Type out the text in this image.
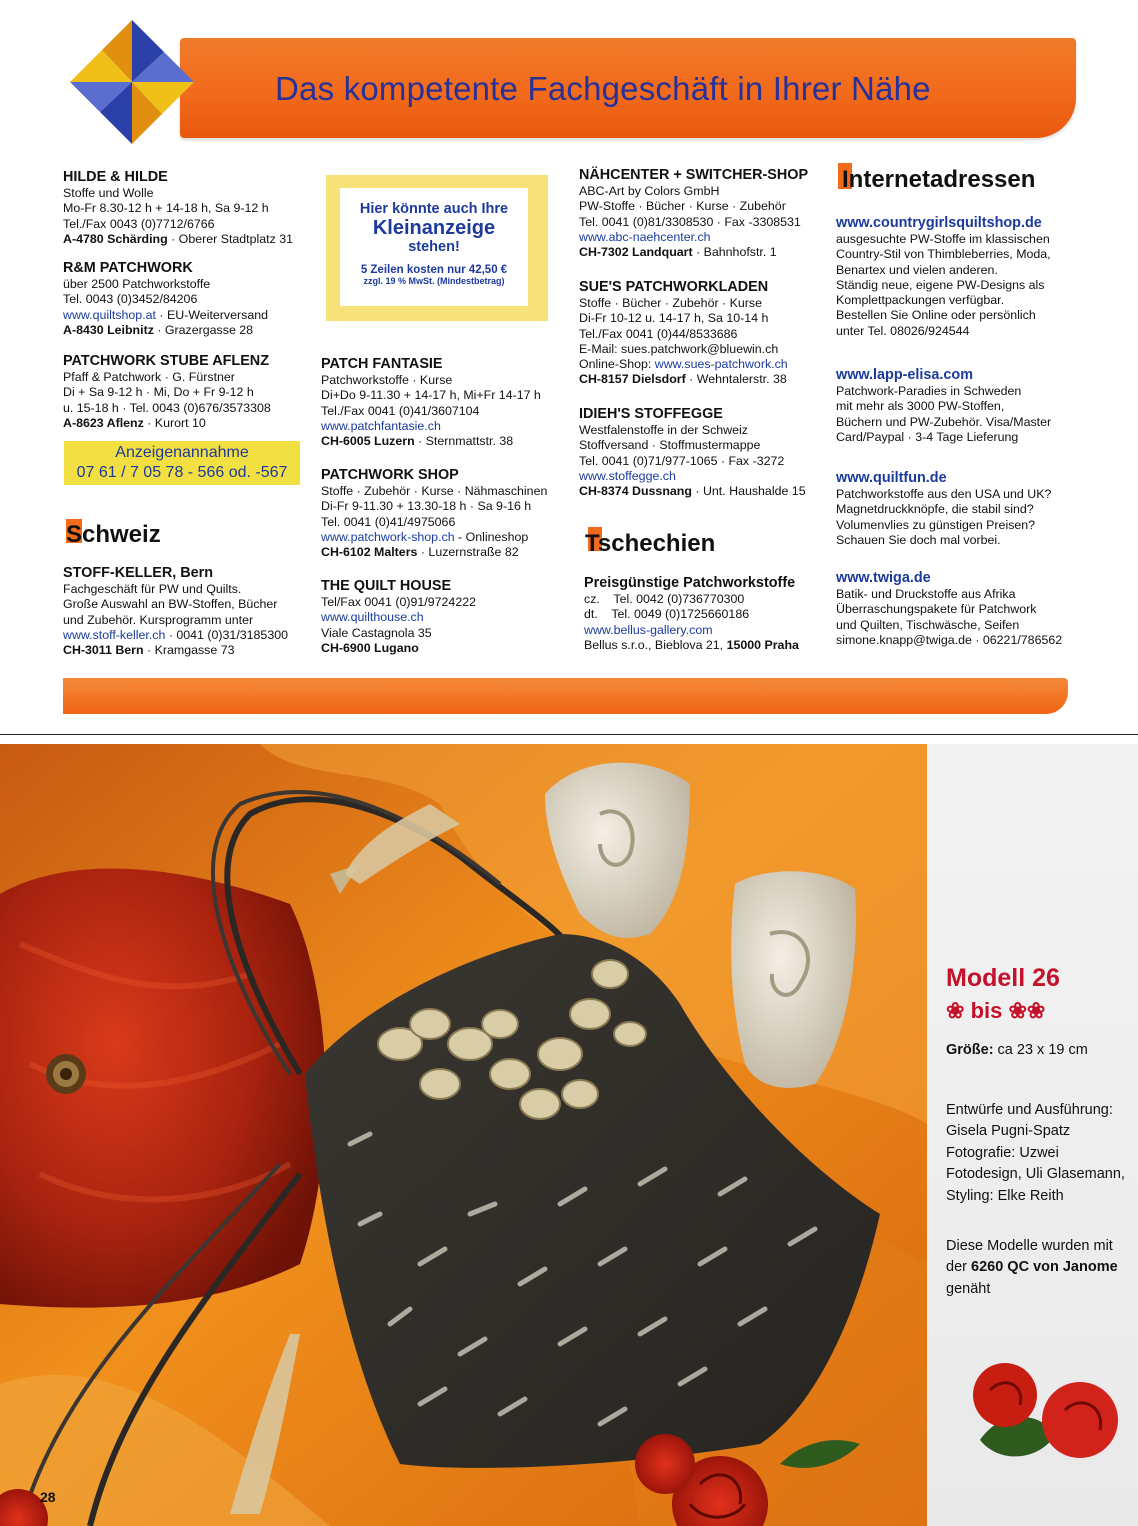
Das kompetente Fachgeschäft in Ihrer Nähe
HILDE & HILDE
Stoffe und Wolle
Mo-Fr 8.30-12 h + 14-18 h, Sa 9-12 h
Tel./Fax 0043 (0)7712/6766
A-4780 Schärding · Oberer Stadtplatz 31
R&M PATCHWORK
über 2500 Patchworkstoffe
Tel. 0043 (0)3452/84206
www.quiltshop.at · EU-Weiterversand
A-8430 Leibnitz · Grazergasse 28
PATCHWORK STUBE AFLENZ
Pfaff & Patchwork · G. Fürstner
Di + Sa 9-12 h · Mi, Do + Fr 9-12 h
u. 15-18 h · Tel. 0043 (0)676/3573308
A-8623 Aflenz · Kurort 10
Anzeigenannahme
07 61 / 7 05 78 - 566 od. -567
Schweiz
STOFF-KELLER, Bern
Fachgeschäft für PW und Quilts.
Große Auswahl an BW-Stoffen, Bücher
und Zubehör. Kursprogramm unter
www.stoff-keller.ch · 0041 (0)31/3185300
CH-3011 Bern · Kramgasse 73
Hier könnte auch Ihre
Kleinanzeige
stehen!
5 Zeilen kosten nur 42,50 €
zzgl. 19 % MwSt. (Mindestbetrag)
PATCH FANTASIE
Patchworkstoffe · Kurse
Di+Do 9-11.30 + 14-17 h, Mi+Fr 14-17 h
Tel./Fax 0041 (0)41/3607104
www.patchfantasie.ch
CH-6005 Luzern · Sternmattstr. 38
PATCHWORK SHOP
Stoffe · Zubehör · Kurse · Nähmaschinen
Di-Fr 9-11.30 + 13.30-18 h · Sa 9-16 h
Tel. 0041 (0)41/4975066
www.patchwork-shop.ch - Onlineshop
CH-6102 Malters · Luzernstraße 82
THE QUILT HOUSE
Tel/Fax 0041 (0)91/9724222
www.quilthouse.ch
Viale Castagnola 35
CH-6900 Lugano
NÄHCENTER + SWITCHER-SHOP
ABC-Art by Colors GmbH
PW-Stoffe · Bücher · Kurse · Zubehör
Tel. 0041 (0)81/3308530 · Fax -3308531
www.abc-naehcenter.ch
CH-7302 Landquart · Bahnhofstr. 1
SUE'S PATCHWORKLADEN
Stoffe · Bücher · Zubehör · Kurse
Di-Fr 10-12 u. 14-17 h, Sa 10-14 h
Tel./Fax 0041 (0)44/8533686
E-Mail: sues.patchwork@bluewin.ch
Online-Shop: www.sues-patchwork.ch
CH-8157 Dielsdorf · Wehntalerstr. 38
IDIEH'S STOFFEGGE
Westfalenstoffe in der Schweiz
Stoffversand · Stoffmustermappe
Tel. 0041 (0)71/977-1065 · Fax -3272
www.stoffegge.ch
CH-8374 Dussnang · Unt. Haushalde 15
Tschechien
Preisgünstige Patchworkstoffe
cz.    Tel. 0042 (0)736770300
dt.    Tel. 0049 (0)1725660186
www.bellus-gallery.com
Bellus s.r.o., Bieblova 21, 15000 Praha
Internetadressen
www.countrygirlsquiltshop.de
ausgesuchte PW-Stoffe im klassischen
Country-Stil von Thimbleberries, Moda,
Benartex und vielen anderen.
Ständig neue, eigene PW-Designs als
Komplettpackungen verfügbar.
Bestellen Sie Online oder persönlich
unter Tel. 08026/924544
www.lapp-elisa.com
Patchwork-Paradies in Schweden
mit mehr als 3000 PW-Stoffen,
Büchern und PW-Zubehör. Visa/Master
Card/Paypal · 3-4 Tage Lieferung
www.quiltfun.de
Patchworkstoffe aus den USA und UK?
Magnetdruckknöpfe, die stabil sind?
Volumenvlies zu günstigen Preisen?
Schauen Sie doch mal vorbei.
www.twiga.de
Batik- und Druckstoffe aus Afrika
Überraschungspakete für Patchwork
und Quilten, Tischwäsche, Seifen
simone.knapp@twiga.de · 06221/786562
Modell 26
❀ bis ❀❀
Größe: ca 23 x 19 cm
Entwürfe und Ausführung:
Gisela Pugni-Spatz
Fotografie: Uzwei
Fotodesign, Uli Glasemann,
Styling: Elke Reith
Diese Modelle wurden mit
der 6260 QC von Janome
genäht
28
